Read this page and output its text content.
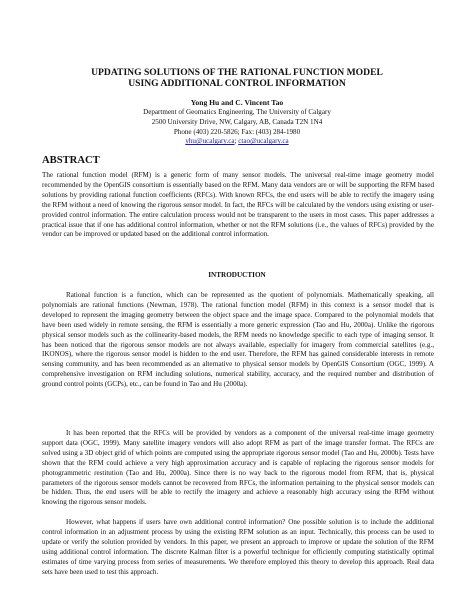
UPDATING SOLUTIONS OF THE RATIONAL FUNCTION MODEL
USING ADDITIONAL CONTROL INFORMATION
Yong Hu and C. Vincent Tao
Department of Geomatics Engineering, The University of Calgary
2500 University Drive, NW, Calgary, AB, Canada T2N 1N4
Phone (403) 220-5826; Fax: (403) 284-1980
yhu@ucalgary.ca; ctao@ucalgary.ca
ABSTRACT

The rational function model (RFM) is a generic form of many sensor models. The universal real-time image geometry model recommended by the OpenGIS consortium is essentially based on the RFM. Many data vendors are or will be supporting the RFM based solutions by providing rational function coefficients (RFCs). With known RFCs, the end users will be able to rectify the imagery using the RFM without a need of knowing the rigorous sensor model. In fact, the RFCs will be calculated by the vendors using existing or user-provided control information. The entire calculation process would not be transparent to the users in most cases. This paper addresses a practical issue that if one has additional control information, whether or not the RFM solutions (i.e., the values of RFCs) provided by the vendor can be improved or updated based on the additional control information.

INTRODUCTION

Rational function is a function, which can be represented as the quotient of polynomials. Mathematically speaking, all polynomials are rational functions (Newman, 1978). The rational function model (RFM) in this context is a sensor model that is developed to represent the imaging geometry between the object space and the image space. Compared to the polynomial models that have been used widely in remote sensing, the RFM is essentially a more generic expression (Tao and Hu, 2000a). Unlike the rigorous physical sensor models such as the collinearity-based models, the RFM needs no knowledge specific to each type of imaging sensor. It has been noticed that the rigorous sensor models are not always available, especially for imagery from commercial satellites (e.g., IKONOS), where the rigorous sensor model is hidden to the end user. Therefore, the RFM has gained considerable interests in remote sensing community, and has been recommended as an alternative to physical sensor models by OpenGIS Consortium (OGC, 1999). A comprehensive investigation on RFM including solutions, numerical stability, accuracy, and the required number and distribution of ground control points (GCPs), etc., can be found in Tao and Hu (2000a).

It has been reported that the RFCs will be provided by vendors as a component of the universal real-time image geometry support data (OGC, 1999). Many satellite imagery vendors will also adopt RFM as part of the image transfer format. The RFCs are solved using a 3D object grid of which points are computed using the appropriate rigorous sensor model (Tao and Hu, 2000b). Tests have shown that the RFM could achieve a very high approximation accuracy and is capable of replacing the rigorous sensor models for photogrammetric restitution (Tao and Hu, 2000a). Since there is no way back to the rigorous model from RFM, that is, physical parameters of the rigorous sensor models cannot be recovered from RFCs, the information pertaining to the physical sensor models can be hidden. Thus, the end users will be able to rectify the imagery and achieve a reasonably high accuracy using the RFM without knowing the rigorous sensor models.

However, what happens if users have own additional control information? One possible solution is to include the additional control information in an adjustment process by using the existing RFM solution as an input. Technically, this process can be used to update or verify the solution provided by vendors. In this paper, we present an approach to improve or update the solution of the RFM using additional control information. The discrete Kalman filter is a powerful technique for efficiently computing statistically optimal estimates of time varying process from series of measurements. We therefore employed this theory to develop this approach. Real data sets have been used to test this approach.
